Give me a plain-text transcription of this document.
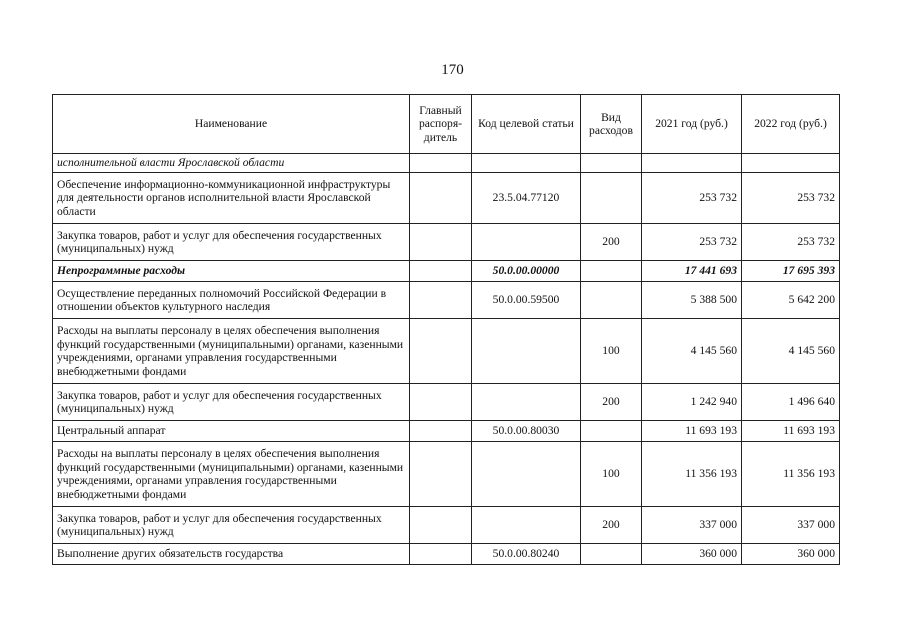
170
Наименование	Главный распоря-дитель	Код целевой статьи	Вид расходов	2021 год (руб.)	2022 год (руб.)
исполнительной власти Ярославской области					
Обеспечение информационно-коммуникационной инфраструктуры для деятельности органов исполнительной власти Ярославской области		23.5.04.77120		253 732	253 732
Закупка товаров, работ и услуг для обеспечения государственных (муниципальных) нужд			200	253 732	253 732
Непрограммные расходы		50.0.00.00000		17 441 693	17 695 393
Осуществление переданных полномочий Российской Федерации в отношении объектов культурного наследия		50.0.00.59500		5 388 500	5 642 200
Расходы на выплаты персоналу в целях обеспечения выполнения функций государственными (муниципальными) органами, казенными учреждениями, органами управления государственными внебюджетными фондами			100	4 145 560	4 145 560
Закупка товаров, работ и услуг для обеспечения государственных (муниципальных) нужд			200	1 242 940	1 496 640
Центральный аппарат		50.0.00.80030		11 693 193	11 693 193
Расходы на выплаты персоналу в целях обеспечения выполнения функций государственными (муниципальными) органами, казенными учреждениями, органами управления государственными внебюджетными фондами			100	11 356 193	11 356 193
Закупка товаров, работ и услуг для обеспечения государственных (муниципальных) нужд			200	337 000	337 000
Выполнение других обязательств государства		50.0.00.80240		360 000	360 000
